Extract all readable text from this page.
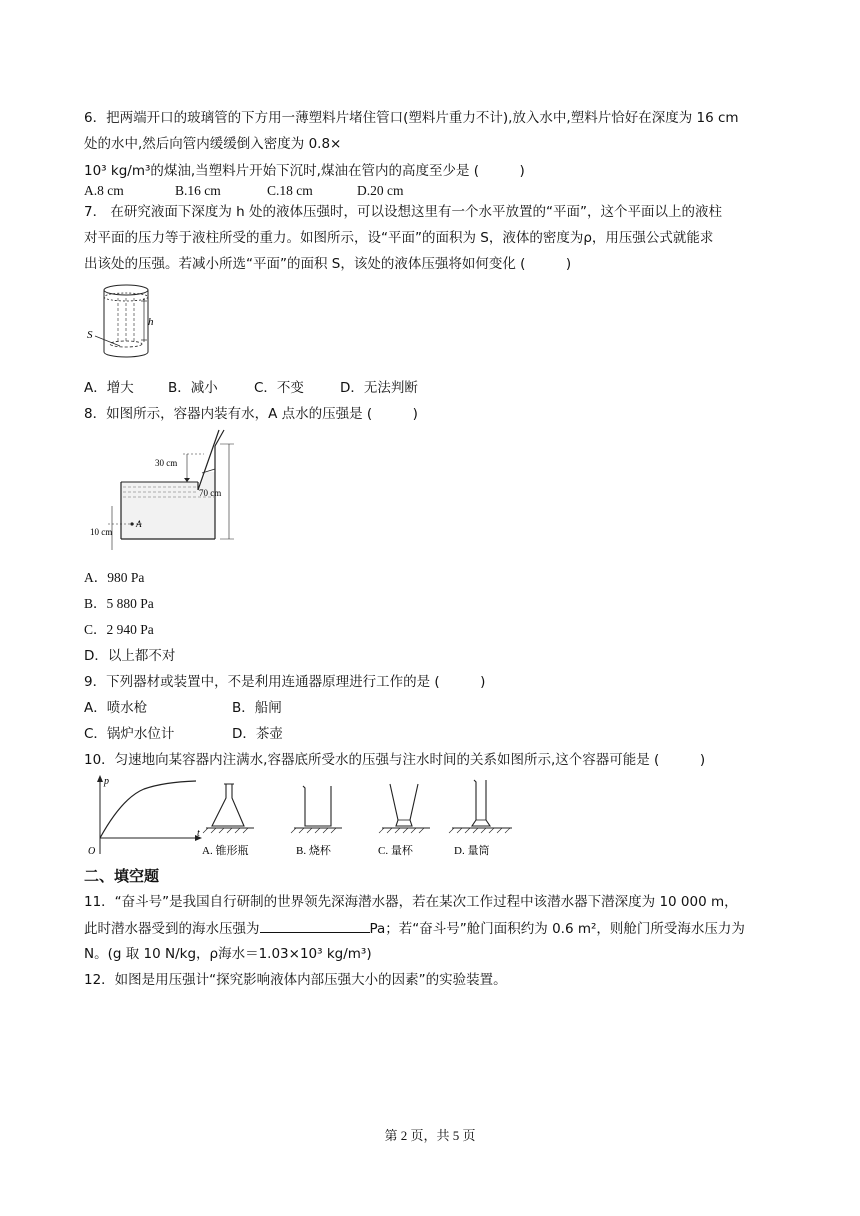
6．把两端开口的玻璃管的下方用一薄塑料片堵住管口(塑料片重力不计),放入水中,塑料片恰好在深度为 16 cm
处的水中,然后向管内缓缓倒入密度为 0.8×
10³ kg/m³的煤油,当塑料片开始下沉时,煤油在管内的高度至少是 (　　　)
A.8 cm	B.16 cm	C.18 cm	D.20 cm
7． 在研究液面下深度为 h 处的液体压强时，可以设想这里有一个水平放置的“平面”，这个平面以上的液柱
对平面的压力等于液柱所受的重力。如图所示，设“平面”的面积为 S，液体的密度为ρ，用压强公式就能求
出该处的压强。若减小所选“平面”的面积 S，该处的液体压强将如何变化 (　　　)
h
S
A．增大	B．减小	C．不变	D．无法判断
8．如图所示，容器内装有水，A 点水的压强是 (　　　)
30 cm
70 cm
10 cm
A
A．980 Pa
B．5 880 Pa
C．2 940 Pa
D．以上都不对
9．下列器材或装置中，不是利用连通器原理进行工作的是 (　　　)
A．喷水枪	B．船闸
C．锅炉水位计	D．茶壶
10．匀速地向某容器内注满水,容器底所受水的压强与注水时间的关系如图所示,这个容器可能是 (　　　)
p
t
O	A. 锥形瓶	B. 烧杯	C. 量杯	D. 量筒
二、填空题
11．“奋斗号”是我国自行研制的世界领先深海潜水器，若在某次工作过程中该潜水器下潜深度为 10 000 m，
此时潜水器受到的海水压强为	Pa；若“奋斗号”舱门面积约为 0.6 m²，则舱门所受海水压力为
N。(g 取 10 N/kg，ρ海水＝1.03×10³ kg/m³)
12．如图是用压强计“探究影响液体内部压强大小的因素”的实验装置。
第 2 页，共 5 页
